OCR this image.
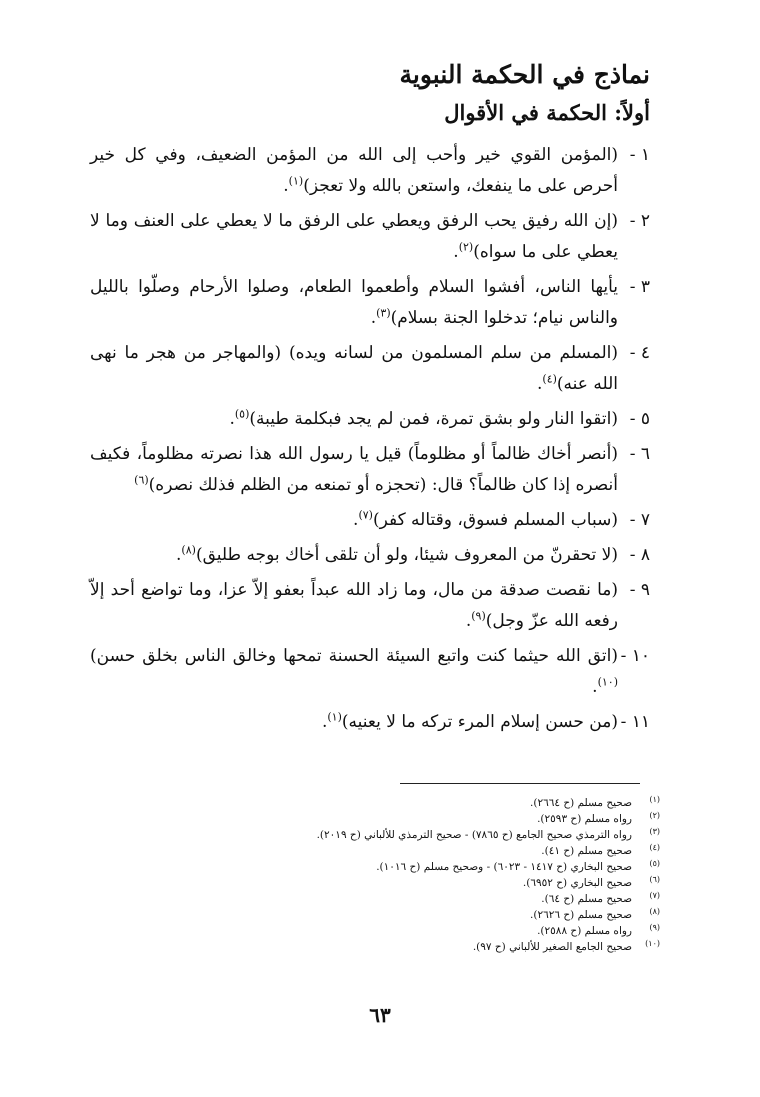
نماذج في الحكمة النبوية
أولاً: الحكمة في الأقوال
١ -
(المؤمن القوي خير وأحب إلى الله من المؤمن الضعيف، وفي كل خير أحرص على ما ينفعك، واستعن بالله ولا تعجز)$^{(١)}$.
٢ -
(إن الله رفيق يحب الرفق ويعطي على الرفق ما لا يعطي على العنف وما لا يعطي على ما سواه)$^{(٢)}$.
٣ -
يأيها الناس، أفشوا السلام وأطعموا الطعام، وصلوا الأرحام وصلّوا بالليل والناس نيام؛ تدخلوا الجنة بسلام)$^{(٣)}$.
٤ -
(المسلم من سلم المسلمون من لسانه ويده) (والمهاجر من هجر ما نهى الله عنه)$^{(٤)}$.
٥ -
(اتقوا النار ولو بشق تمرة، فمن لم يجد فبكلمة طيبة)$^{(٥)}$.
٦ -
(أنصر أخاك ظالماً أو مظلوماً) قيل يا رسول الله هذا نصرته مظلوماً، فكيف أنصره إذا كان ظالماً؟ قال: (تحجزه أو تمنعه من الظلم فذلك نصره)$^{(٦)}$
٧ -
(سباب المسلم فسوق، وقتاله كفر)$^{(٧)}$.
٨ -
(لا تحقرنّ من المعروف شيئا، ولو أن تلقى أخاك بوجه طليق)$^{(٨)}$.
٩ -
(ما نقصت صدقة من مال، وما زاد الله عبداً بعفو إلاّ عزا، وما تواضع أحد إلاّ رفعه الله عزّ وجل)$^{(٩)}$.
١٠ -
(اتق الله حيثما كنت واتبع السيئة الحسنة تمحها وخالق الناس بخلق حسن)$^{(١٠)}$.
١١ -
(من حسن إسلام المرء تركه ما لا يعنيه)$^{(١)}$.
(١)
صحيح مسلم (ح ٢٦٦٤).
(٢)
رواه مسلم (ح ٢٥٩٣).
(٣)
رواه الترمذي صحيح الجامع (ح ٧٨٦٥) - صحيح الترمذي للألباني (ح ٢٠١٩).
(٤)
صحيح مسلم (ح ٤١).
(٥)
صحيح البخاري (ح ١٤١٧ - ٦٠٢٣) - وصحيح مسلم (ح ١٠١٦).
(٦)
صحيح البخاري (ح ٦٩٥٢).
(٧)
صحيح مسلم (ح ٦٤).
(٨)
صحيح مسلم (ح ٢٦٢٦).
(٩)
رواه مسلم (ح ٢٥٨٨).
(١٠)
صحيح الجامع الصغير للألباني (ح ٩٧).
٦٣
